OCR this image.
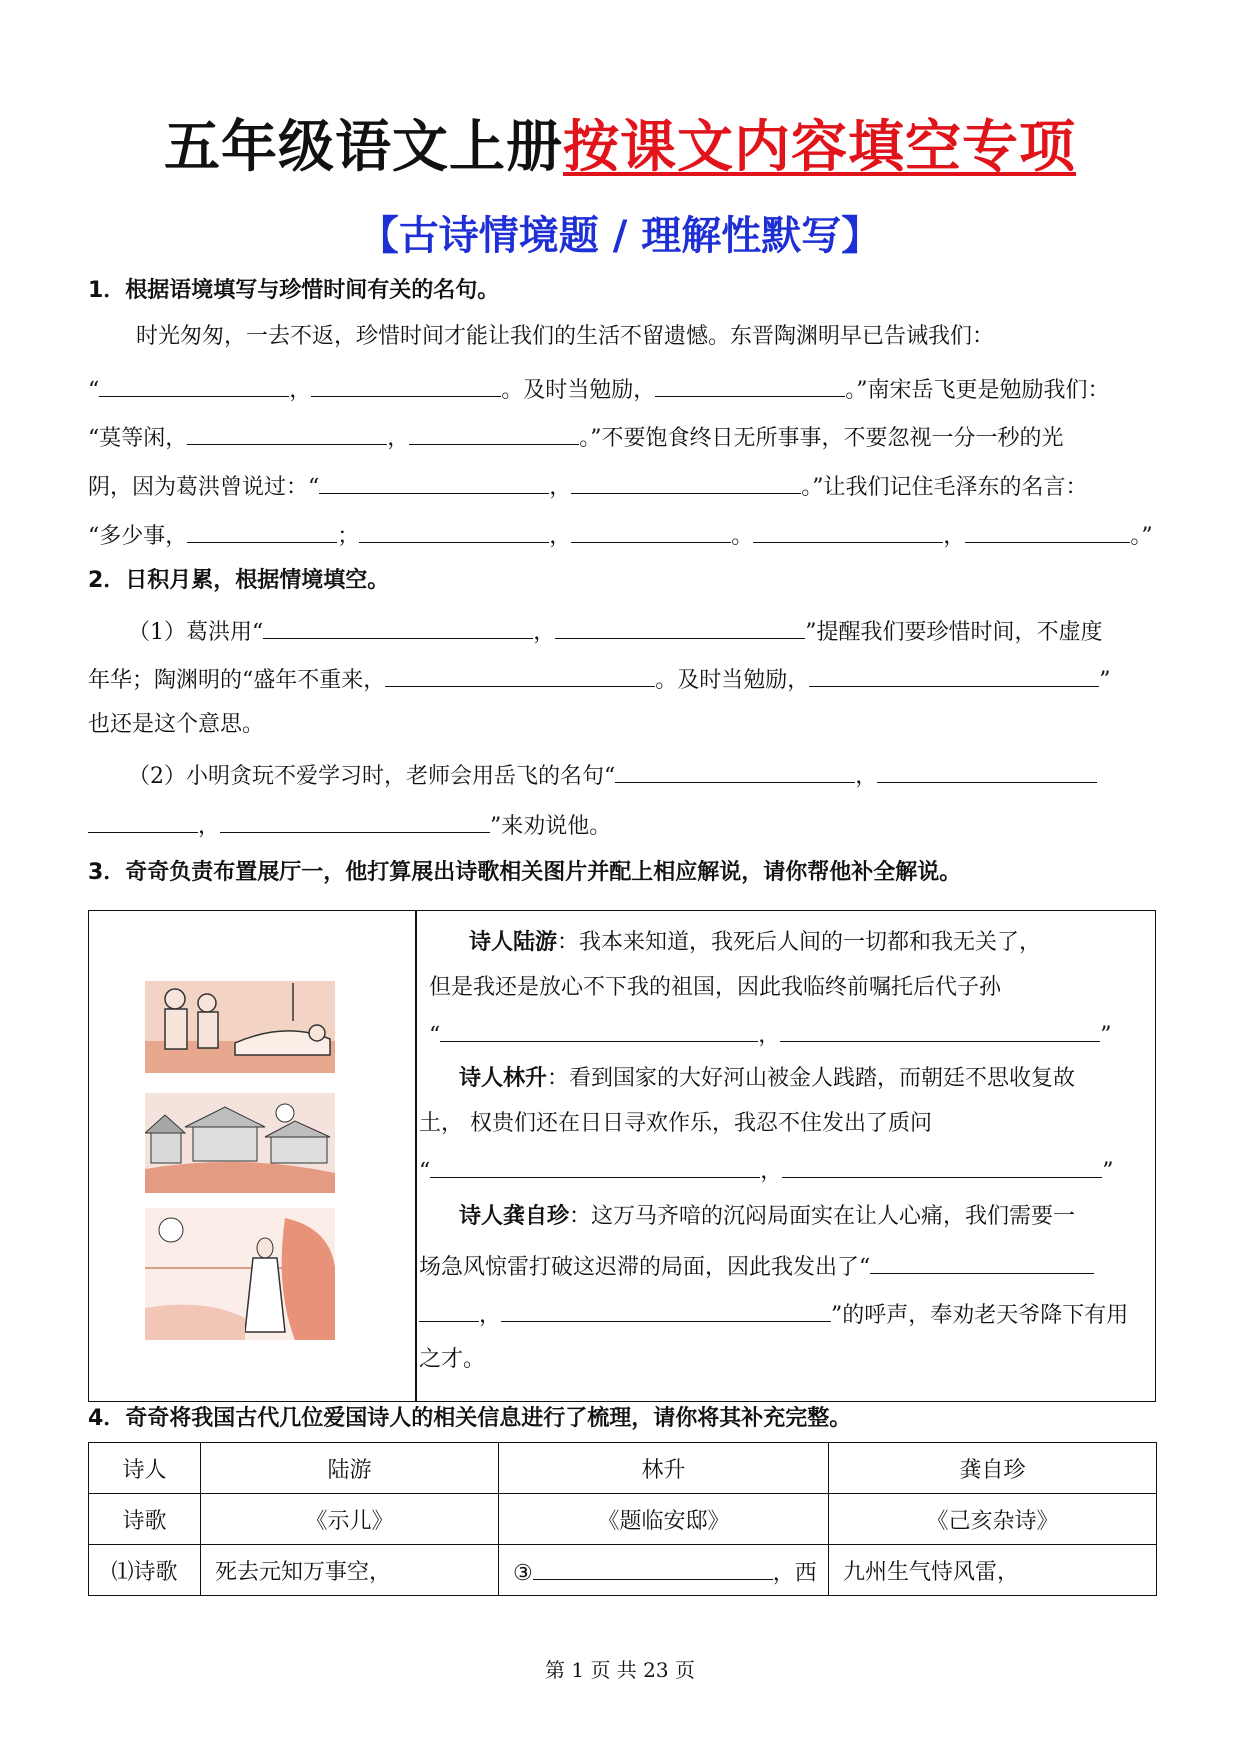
五年级语文上册按课文内容填空专项
【古诗情境题 / 理解性默写】
1．根据语境填写与珍惜时间有关的名句。
时光匆匆，一去不返，珍惜时间才能让我们的生活不留遗憾。东晋陶渊明早已告诫我们：
“	，	。及时当勉励，	。”南宋岳飞更是勉励我们：
“莫等闲，	，	。”不要饱食终日无所事事，不要忽视一分一秒的光
阴，因为葛洪曾说过：“	，	。”让我们记住毛泽东的名言：
“多少事，	；	，	。	，	。”
2．日积月累，根据情境填空。
（1）葛洪用“	，	”提醒我们要珍惜时间，不虚度
年华；陶渊明的“盛年不重来，	。及时当勉励，	”
也还是这个意思。
（2）小明贪玩不爱学习时，老师会用岳飞的名句“	，
，	”来劝说他。
3．奇奇负责布置展厅一，他打算展出诗歌相关图片并配上相应解说，请你帮他补全解说。
诗人陆游：我本来知道，我死后人间的一切都和我无关了，
但是我还是放心不下我的祖国，因此我临终前嘱托后代子孙
“	，	”
诗人林升：看到国家的大好河山被金人践踏，而朝廷不思收复故
土， 权贵们还在日日寻欢作乐，我忍不住发出了质问
“	，	”
诗人龚自珍：这万马齐喑的沉闷局面实在让人心痛，我们需要一
场急风惊雷打破这迟滞的局面，因此我发出了“
，	”的呼声，奉劝老天爷降下有用
之才。
4．奇奇将我国古代几位爱国诗人的相关信息进行了梳理，请你将其补充完整。
诗人	陆游	林升	龚自珍
诗歌	《示儿》	《题临安邸》	《己亥杂诗》
⑴诗歌	死去元知万事空，	③ ，西	九州生气恃风雷，
第 1 页 共 23 页
